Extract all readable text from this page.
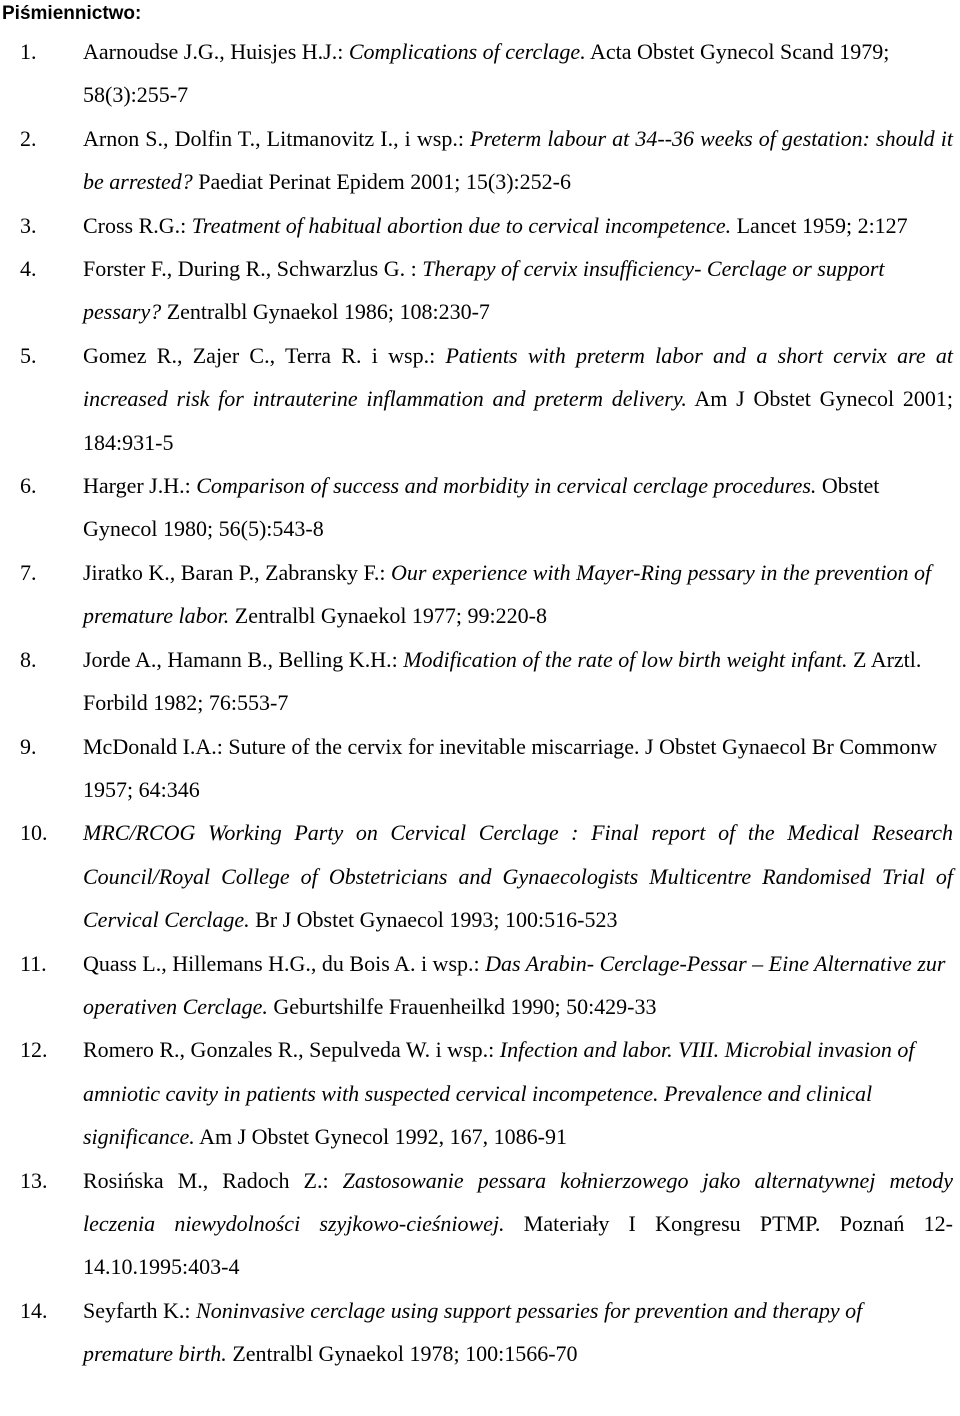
Piśmiennictwo:
1. Aarnoudse J.G., Huisjes H.J.: Complications of cerclage. Acta Obstet Gynecol Scand 1979; 58(3):255-7
2. Arnon S., Dolfin T., Litmanovitz I., i wsp.: Preterm labour at 34--36 weeks of gestation: should it be arrested? Paediat Perinat Epidem 2001; 15(3):252-6
3. Cross R.G.: Treatment of habitual abortion due to cervical incompetence. Lancet 1959; 2:127
4. Forster F., During R., Schwarzlus G. : Therapy of cervix insufficiency- Cerclage or support pessary? Zentralbl Gynaekol 1986; 108:230-7
5. Gomez R., Zajer C., Terra R. i wsp.: Patients with preterm labor and a short cervix are at increased risk for intrauterine inflammation and preterm delivery. Am J Obstet Gynecol 2001; 184:931-5
6. Harger J.H.: Comparison of success and morbidity in cervical cerclage procedures. Obstet Gynecol 1980; 56(5):543-8
7. Jiratko K., Baran P., Zabransky F.: Our experience with Mayer-Ring pessary in the prevention of premature labor. Zentralbl Gynaekol 1977; 99:220-8
8. Jorde A., Hamann B., Belling K.H.: Modification of the rate of low birth weight infant. Z Arztl. Forbild 1982; 76:553-7
9. McDonald I.A.: Suture of the cervix for inevitable miscarriage. J Obstet Gynaecol Br Commonw 1957; 64:346
10. MRC/RCOG Working Party on Cervical Cerclage : Final report of the Medical Research Council/Royal College of Obstetricians and Gynaecologists Multicentre Randomised Trial of Cervical Cerclage. Br J Obstet Gynaecol 1993; 100:516-523
11. Quass L., Hillemans H.G., du Bois A. i wsp.: Das Arabin- Cerclage-Pessar – Eine Alternative zur operativen Cerclage. Geburtshilfe Frauenheilkd 1990; 50:429-33
12. Romero R., Gonzales R., Sepulveda W. i wsp.: Infection and labor. VIII. Microbial invasion of amniotic cavity in patients with suspected cervical incompetence. Prevalence and clinical significance. Am J Obstet Gynecol 1992, 167, 1086-91
13. Rosińska M., Radoch Z.: Zastosowanie pessara kołnierzowego jako alternatywnej metody leczenia niewydolności szyjkowo-cieśniowej. Materiały I Kongresu PTMP. Poznań 12-14.10.1995:403-4
14. Seyfarth K.: Noninvasive cerclage using support pessaries for prevention and therapy of premature birth. Zentralbl Gynaekol 1978; 100:1566-70
